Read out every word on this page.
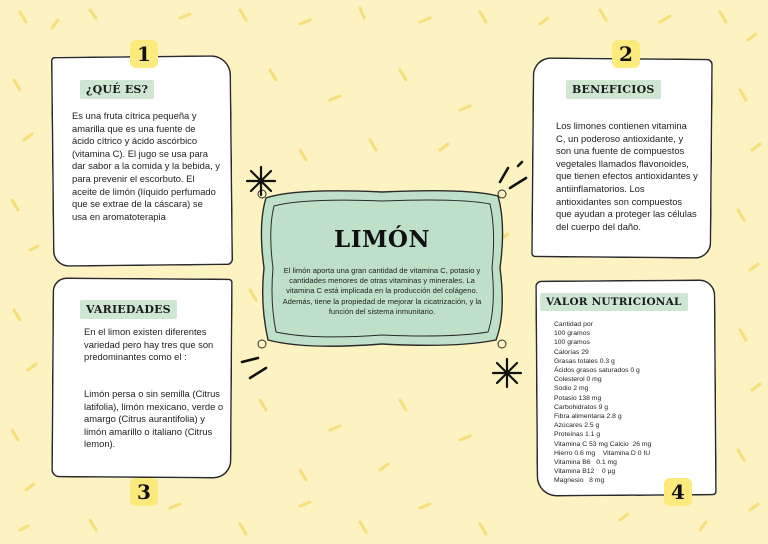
¿QUÉ ES?
Es una fruta cítrica pequeña y amarilla que es una fuente de ácido cítrico y ácido ascórbico (vitamina C). El jugo se usa para dar sabor a la comida y la bebida, y para prevenir el escorbuto. El aceite de limón (líquido perfumado que se extrae de la cáscara) se usa en aromatoterapia
1
BENEFICIOS
Los limones contienen vitamina C, un poderoso antioxidante, y son una fuente de compuestos vegetales llamados flavonoides, que tienen efectos antioxidantes y antiinflamatorios. Los antioxidantes son compuestos que ayudan a proteger las células del cuerpo del daño.
2
VARIEDADES
En el limon existen diferentes variedad pero hay tres que son predominantes como el :
Limón persa o sin semilla (Citrus latifolia), limón mexicano, verde o amargo (Citrus aurantifolia) y limón amarillo o italiano (Citrus lemon).
3
VALOR NUTRICIONAL
Cantidad por
100 gramos
100 gramos
Calorías 29
Grasas totales 0.3 g
Ácidos grasos saturados 0 g
Colesterol 0 mg
Sodio 2 mg
Potasio 138 mg
Carbohidratos 9 g
Fibra alimentaria 2.8 g
Azúcares 2.5 g
Proteínas 1.1 g
Vitamina C 53 mg Calcio  26 mg
Hierro 0.6 mg    Vitamina D 0 IU
Vitamina B6   0.1 mg
Vitamina B12    0 µg
Magnesio   8 mg	4
LIMÓN
El limón aporta una gran cantidad de vitamina C, potasio y cantidades menores de otras vitaminas y minerales. La vitamina C está implicada en la producción del colágeno. Además, tiene la propiedad de mejorar la cicatrización, y la función del sistema inmunitario.
